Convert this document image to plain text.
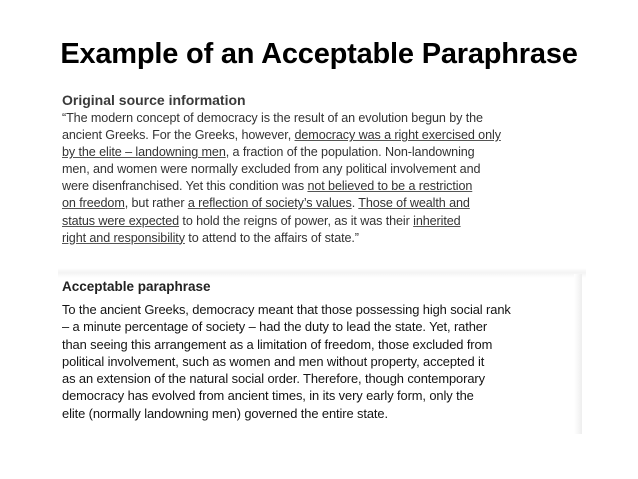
Example of an Acceptable Paraphrase
Original source information
“The modern concept of democracy is the result of an evolution begun by the
ancient Greeks. For the Greeks, however, democracy was a right exercised only
by the elite – landowning men, a fraction of the population. Non-landowning
men, and women were normally excluded from any political involvement and
were disenfranchised. Yet this condition was not believed to be a restriction
on freedom, but rather a reflection of society’s values. Those of wealth and
status were expected to hold the reigns of power, as it was their inherited
right and responsibility to attend to the affairs of state.”
Acceptable paraphrase
To the ancient Greeks, democracy meant that those possessing high social rank
– a minute percentage of society – had the duty to lead the state. Yet, rather
than seeing this arrangement as a limitation of freedom, those excluded from
political involvement, such as women and men without property, accepted it
as an extension of the natural social order. Therefore, though contemporary
democracy has evolved from ancient times, in its very early form, only the
elite (normally landowning men) governed the entire state.
